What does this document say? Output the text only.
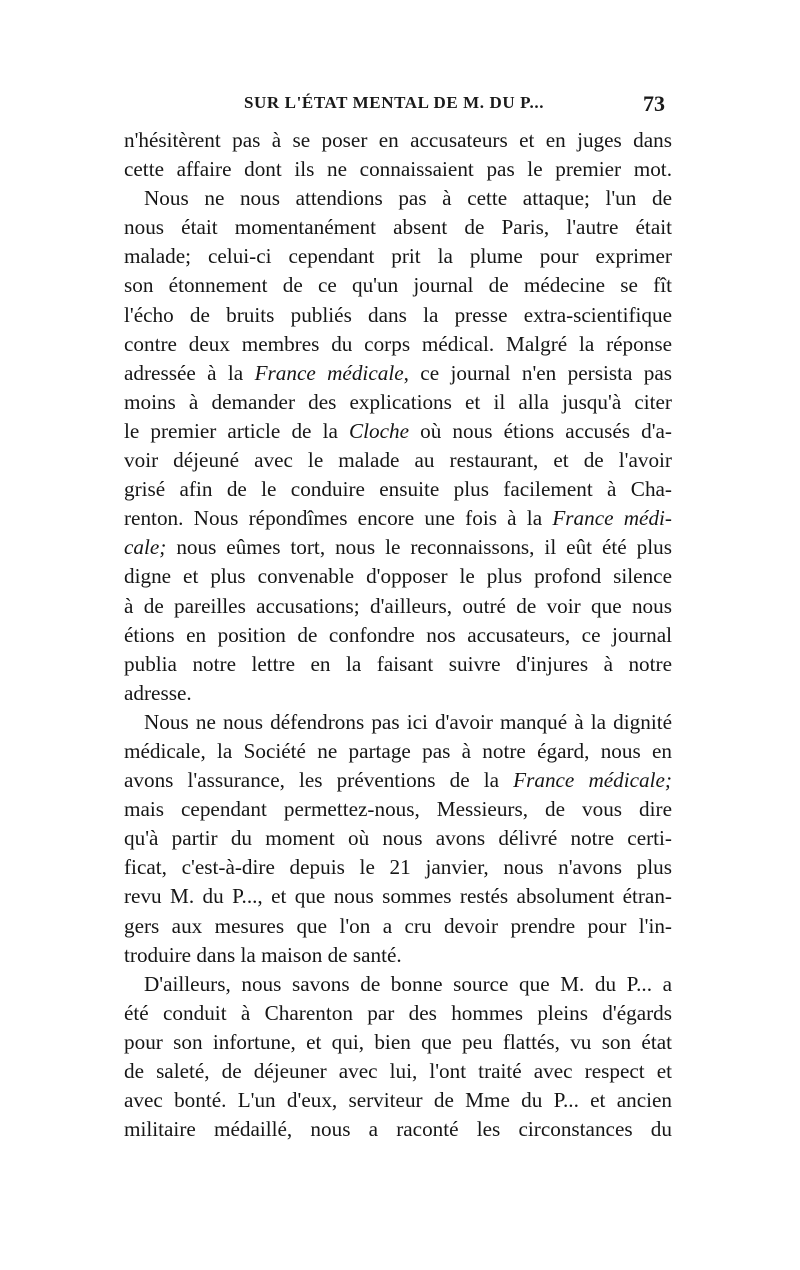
SUR L'ÉTAT MENTAL DE M. DU P...	73
n'hésitèrent pas à se poser en accusateurs et en juges dans
cette affaire dont ils ne connaissaient pas le premier mot.
Nous ne nous attendions pas à cette attaque; l'un de
nous était momentanément absent de Paris, l'autre était
malade; celui-ci cependant prit la plume pour exprimer
son étonnement de ce qu'un journal de médecine se fît
l'écho de bruits publiés dans la presse extra-scientifique
contre deux membres du corps médical. Malgré la réponse
adressée à la France médicale, ce journal n'en persista pas
moins à demander des explications et il alla jusqu'à citer
le premier article de la Cloche où nous étions accusés d'a-
voir déjeuné avec le malade au restaurant, et de l'avoir
grisé afin de le conduire ensuite plus facilement à Cha-
renton. Nous répondîmes encore une fois à la France médi-
cale; nous eûmes tort, nous le reconnaissons, il eût été plus
digne et plus convenable d'opposer le plus profond silence
à de pareilles accusations; d'ailleurs, outré de voir que nous
étions en position de confondre nos accusateurs, ce journal
publia notre lettre en la faisant suivre d'injures à notre
adresse.
Nous ne nous défendrons pas ici d'avoir manqué à la dignité
médicale, la Société ne partage pas à notre égard, nous en
avons l'assurance, les préventions de la France médicale;
mais cependant permettez-nous, Messieurs, de vous dire
qu'à partir du moment où nous avons délivré notre certi-
ficat, c'est-à-dire depuis le 21 janvier, nous n'avons plus
revu M. du P..., et que nous sommes restés absolument étran-
gers aux mesures que l'on a cru devoir prendre pour l'in-
troduire dans la maison de santé.
D'ailleurs, nous savons de bonne source que M. du P... a
été conduit à Charenton par des hommes pleins d'égards
pour son infortune, et qui, bien que peu flattés, vu son état
de saleté, de déjeuner avec lui, l'ont traité avec respect et
avec bonté. L'un d'eux, serviteur de Mme du P... et ancien
militaire médaillé, nous a raconté les circonstances du
